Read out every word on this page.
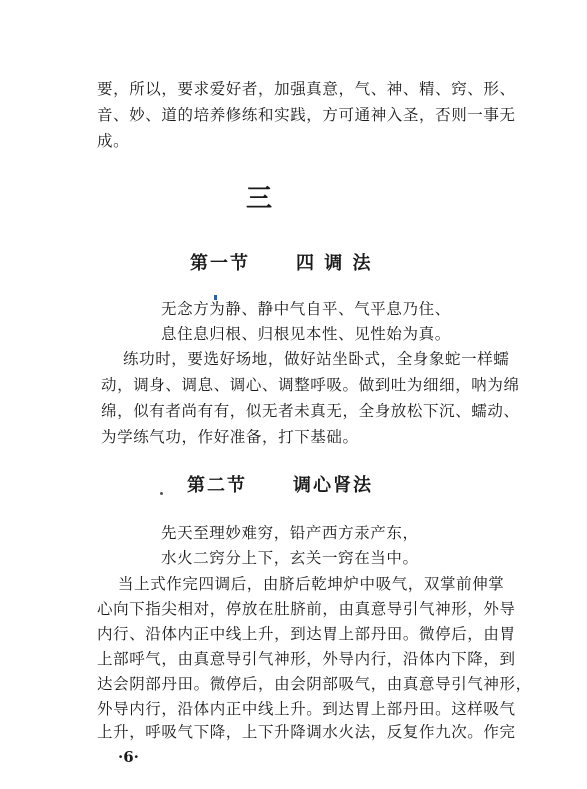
要，所以，要求爱好者，加强真意，气、神、精、窍、形、
音、妙、道的培养修练和实践，方可通神入圣，否则一事无
成。
三
第一节	四 调 法
无念方为静、静中气自平、气平息乃住、
息住息归根、归根见本性、见性始为真。
练功时，要选好场地，做好站坐卧式，全身象蛇一样蠕
动，调身、调息、调心、调整呼吸。做到吐为细细，呐为绵
绵，似有者尚有有，似无者未真无，全身放松下沉、蠕动、
为学练气功，作好准备，打下基础。
第二节	调心肾法
先天至理妙难穷，铅产西方汞产东，
水火二窍分上下，玄关一窍在当中。
当上式作完四调后，由脐后乾坤炉中吸气，双掌前伸掌
心向下指尖相对，停放在肚脐前，由真意导引气神形，外导
内行、沿体内正中线上升，到达胃上部丹田。微停后，由胃
上部呼气，由真意导引气神形，外导内行，沿体内下降，到
达会阴部丹田。微停后，由会阴部吸气，由真意导引气神形，
外导内行，沿体内正中线上升。到达胃上部丹田。这样吸气
上升，呼吸气下降，上下升降调水火法，反复作九次。作完
·6·
